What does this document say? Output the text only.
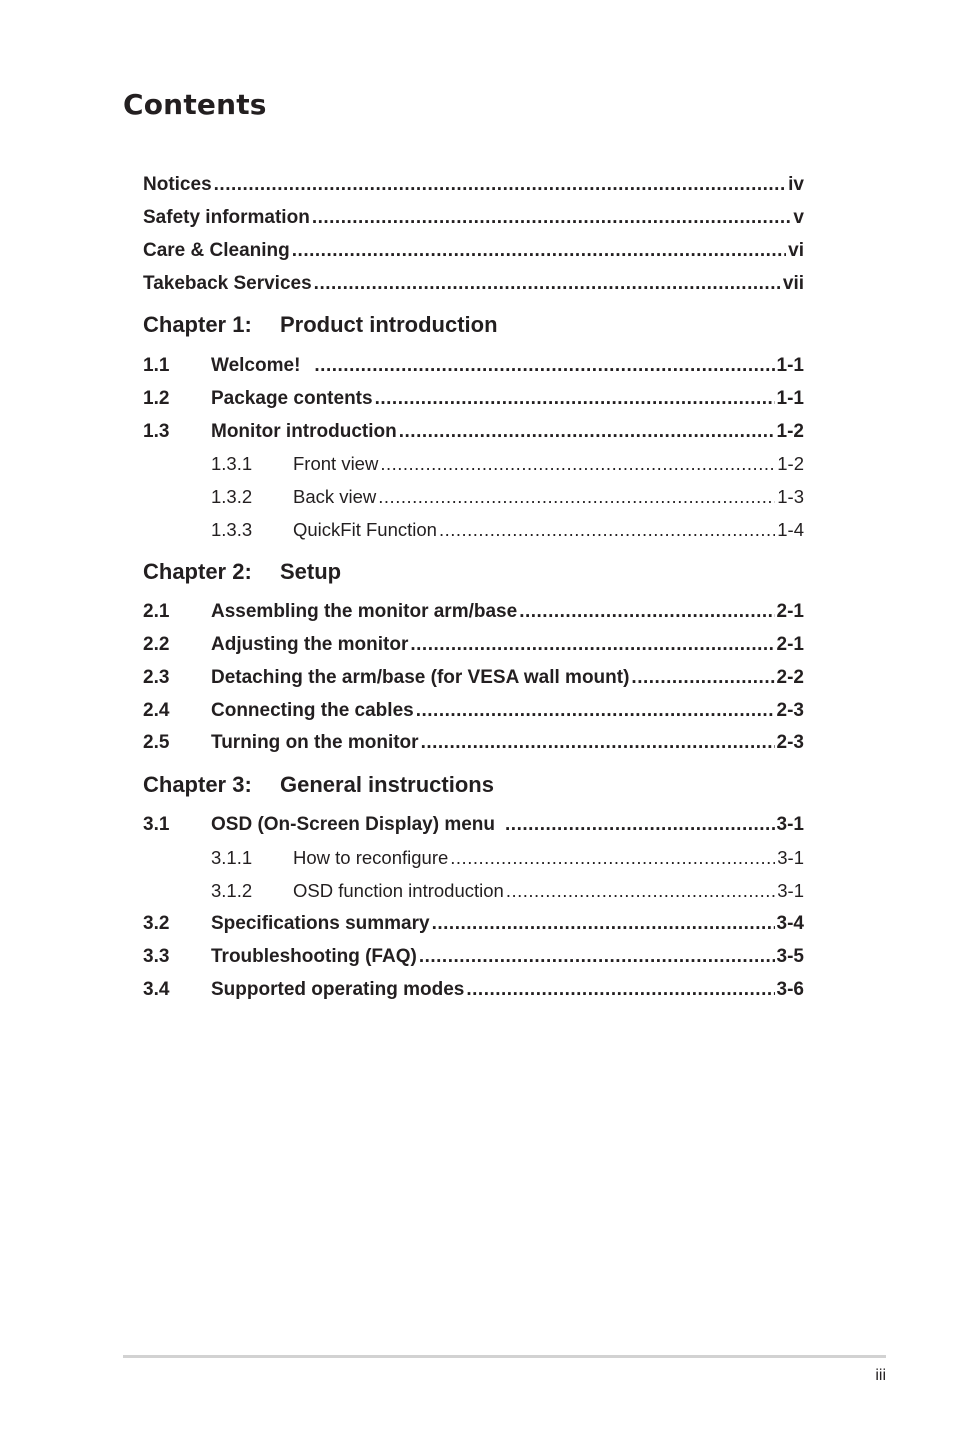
Contents
Notices .....	iv
Safety information .....	v
Care & Cleaning .....	vi
Takeback Services .....	vii
Chapter 1:	Product introduction
1.1	Welcome! .....	1-1
1.2	Package contents .....	1-1
1.3	Monitor introduction .....	1-2
1.3.1	Front view .....	1-2
1.3.2	Back view .....	1-3
1.3.3	QuickFit Function .....	1-4
Chapter 2:	Setup
2.1	Assembling the monitor arm/base .....	2-1
2.2	Adjusting the monitor .....	2-1
2.3	Detaching the arm/base (for VESA wall mount) .....	2-2
2.4	Connecting the cables .....	2-3
2.5	Turning on the monitor .....	2-3
Chapter 3:	General instructions
3.1	OSD (On-Screen Display) menu .....	3-1
3.1.1	How to reconfigure .....	3-1
3.1.2	OSD function introduction .....	3-1
3.2	Specifications summary .....	3-4
3.3	Troubleshooting (FAQ) .....	3-5
3.4	Supported operating modes .....	3-6
iii
